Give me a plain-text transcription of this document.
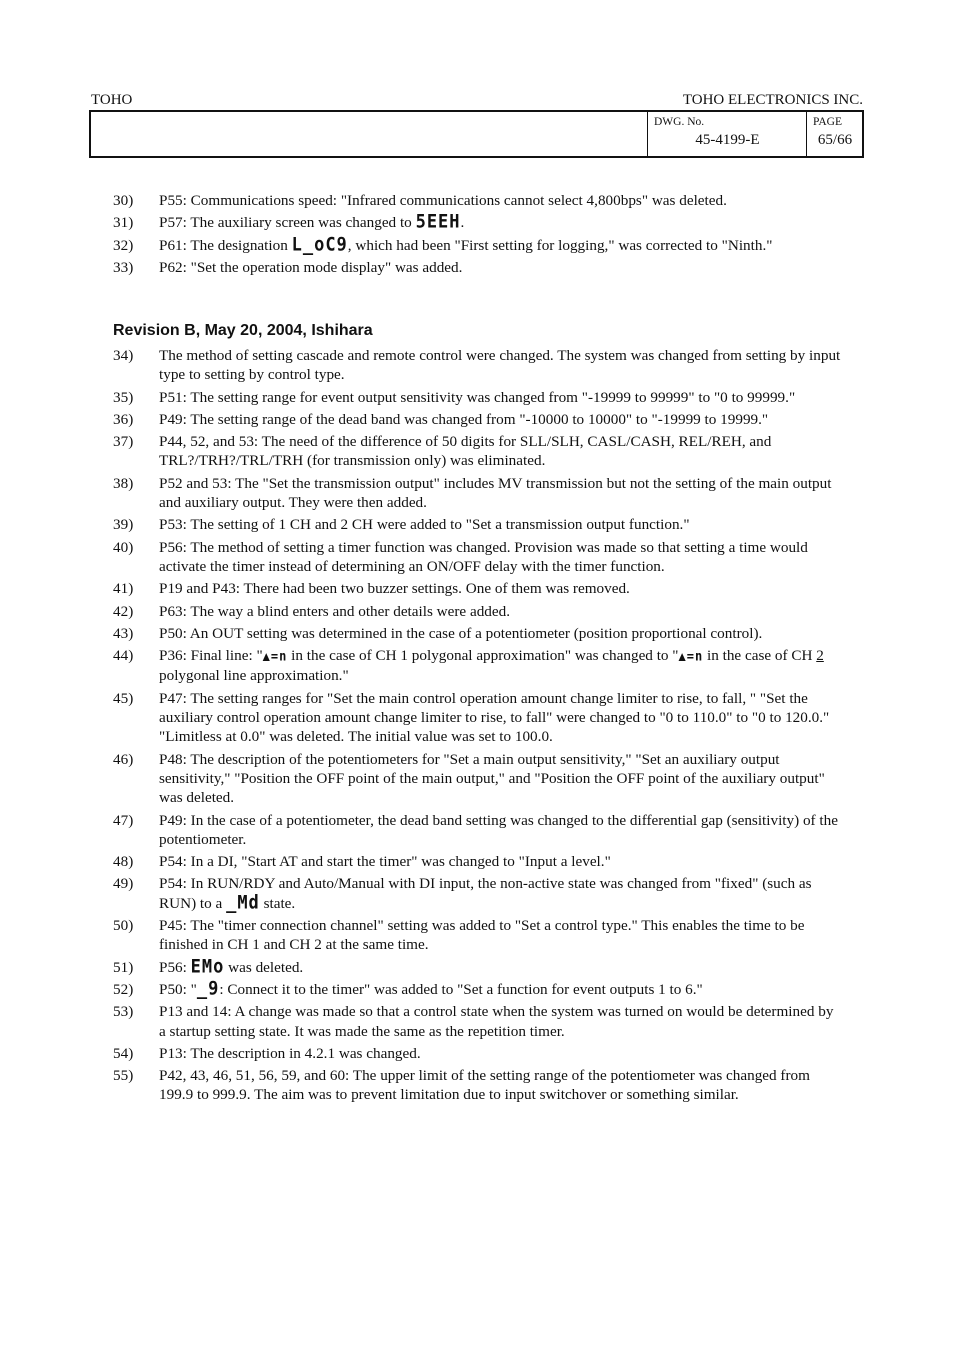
TOHO	TOHO ELECTRONICS INC.
DWG. No.
45-4199-E
PAGE
65/66
30)	P55: Communications speed: "Infrared communications cannot select 4,800bps" was deleted.
31)	P57: The auxiliary screen was changed to 5EEH.
32)	P61: The designation L_oC9, which had been "First setting for logging," was corrected to "Ninth."
33)	P62: "Set the operation mode display" was added.
Revision B, May 20, 2004, Ishihara
34)	The method of setting cascade and remote control were changed. The system was changed from setting by input type to setting by control type.
35)	P51: The setting range for event output sensitivity was changed from "-19999 to 99999" to "0 to 99999."
36)	P49: The setting range of the dead band was changed from "-10000 to 10000" to "-19999 to 19999."
37)	P44, 52, and 53: The need of the difference of 50 digits for SLL/SLH, CASL/CASH, REL/REH, and TRL?/TRH?/TRL/TRH (for transmission only) was eliminated.
38)	P52 and 53: The "Set the transmission output" includes MV transmission but not the setting of the main output and auxiliary output. They were then added.
39)	P53: The setting of 1 CH and 2 CH were added to "Set a transmission output function."
40)	P56: The method of setting a timer function was changed. Provision was made so that setting a time would activate the timer instead of determining an ON/OFF delay with the timer function.
41)	P19 and P43: There had been two buzzer settings. One of them was removed.
42)	P63: The way a blind enters and other details were added.
43)	P50: An OUT setting was determined in the case of a potentiometer (position proportional control).
44)	P36: Final line: "▲=n in the case of CH 1 polygonal approximation" was changed to "▲=n in the case of CH 2 polygonal line approximation."
45)	P47: The setting ranges for "Set the main control operation amount change limiter to rise, to fall, " "Set the auxiliary control operation amount change limiter to rise, to fall" were changed to "0 to 110.0" to "0 to 120.0." "Limitless at 0.0" was deleted. The initial value was set to 100.0.
46)	P48: The description of the potentiometers for "Set a main output sensitivity," "Set an auxiliary output sensitivity," "Position the OFF point of the main output," and "Position the OFF point of the auxiliary output" was deleted.
47)	P49: In the case of a potentiometer, the dead band setting was changed to the differential gap (sensitivity) of the potentiometer.
48)	P54: In a DI, "Start AT and start the timer" was changed to "Input a level."
49)	P54: In RUN/RDY and Auto/Manual with DI input, the non-active state was changed from "fixed" (such as RUN) to a _Md state.
50)	P45: The "timer connection channel" setting was added to "Set a control type." This enables the time to be finished in CH 1 and CH 2 at the same time.
51)	P56: EMo was deleted.
52)	P50: "_9: Connect it to the timer" was added to "Set a function for event outputs 1 to 6."
53)	P13 and 14: A change was made so that a control state when the system was turned on would be determined by a startup setting state. It was made the same as the repetition timer.
54)	P13: The description in 4.2.1 was changed.
55)	P42, 43, 46, 51, 56, 59, and 60: The upper limit of the setting range of the potentiometer was changed from 199.9 to 999.9. The aim was to prevent limitation due to input switchover or something similar.
